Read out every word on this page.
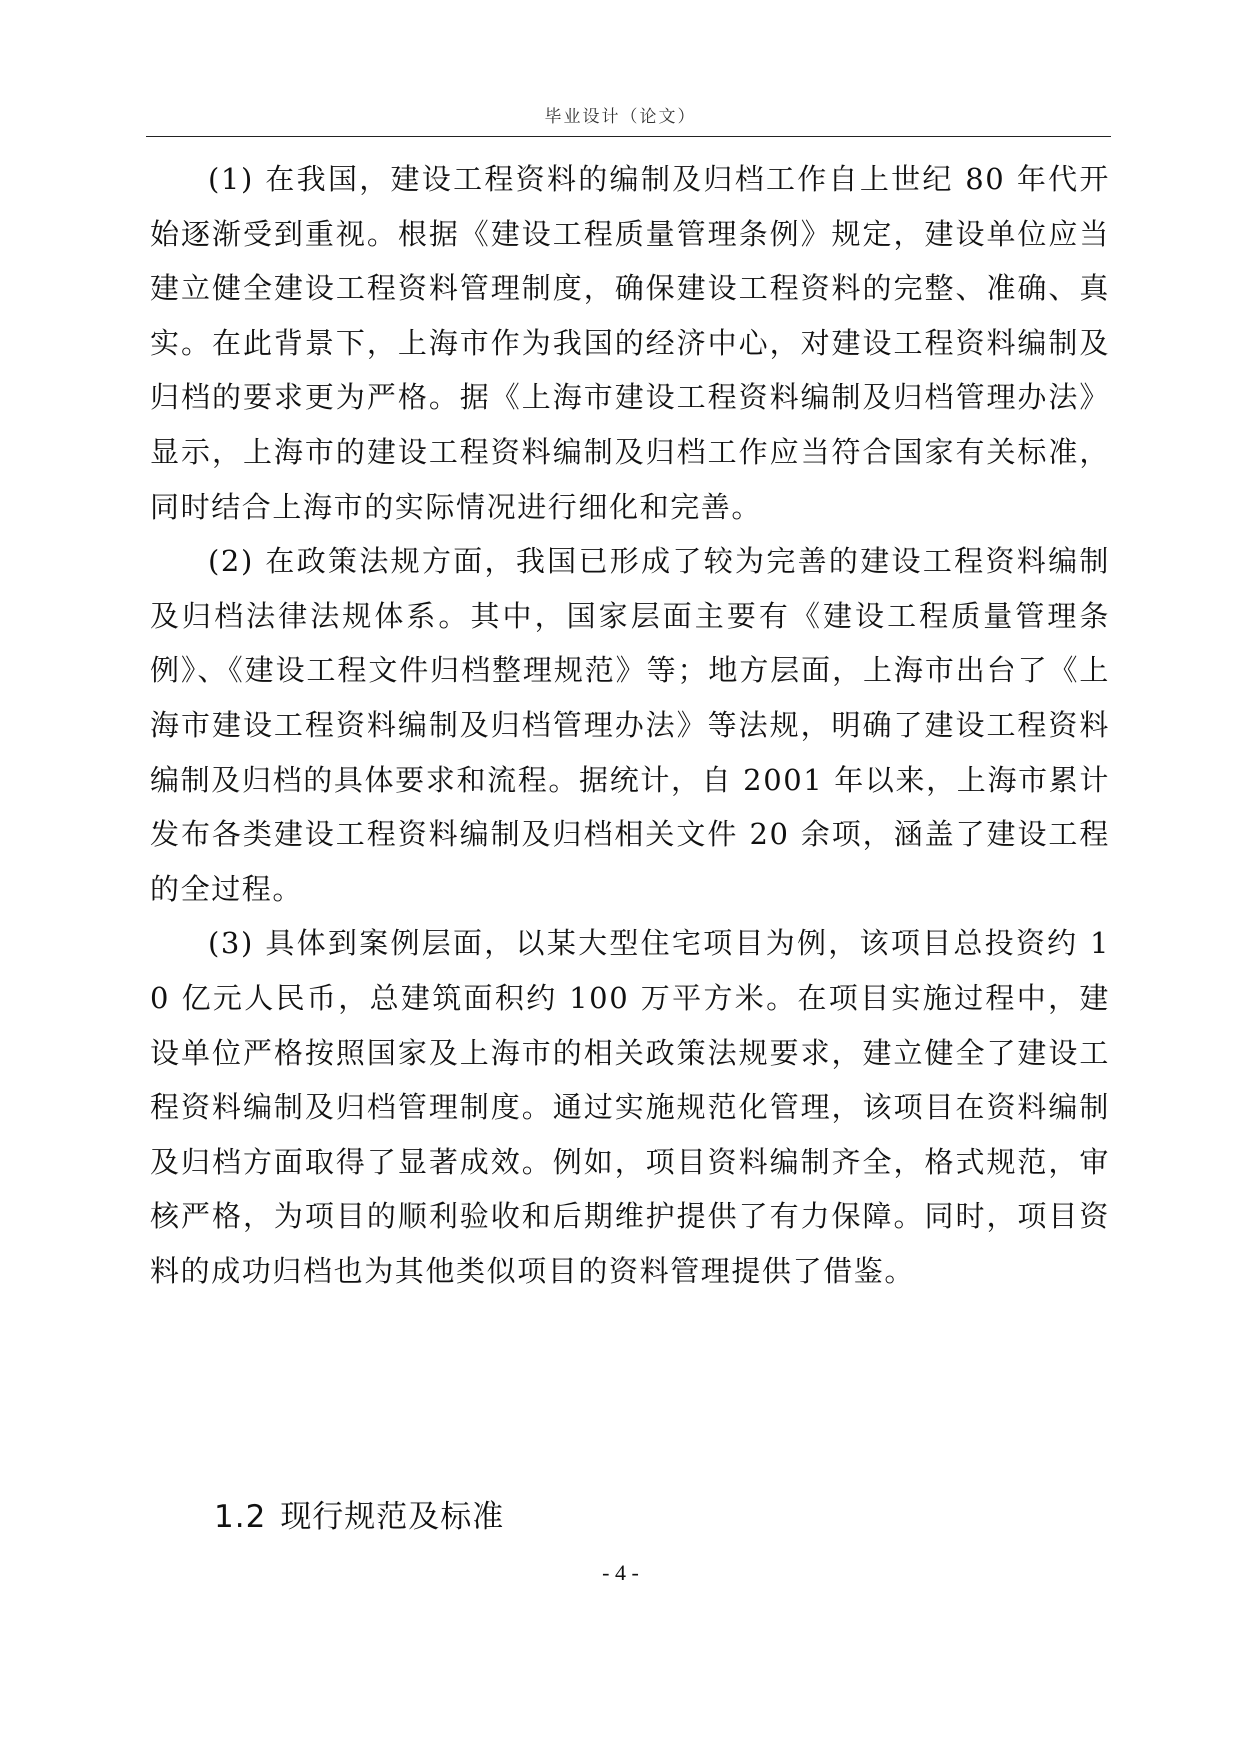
毕业设计（论文）

(1) 在我国，建设工程资料的编制及归档工作自上世纪 80 年代开始逐渐受到重视。根据《建设工程质量管理条例》规定，建设单位应当建立健全建设工程资料管理制度，确保建设工程资料的完整、准确、真实。在此背景下，上海市作为我国的经济中心，对建设工程资料编制及归档的要求更为严格。据《上海市建设工程资料编制及归档管理办法》显示，上海市的建设工程资料编制及归档工作应当符合国家有关标准，同时结合上海市的实际情况进行细化和完善。

(2) 在政策法规方面，我国已形成了较为完善的建设工程资料编制及归档法律法规体系。其中，国家层面主要有《建设工程质量管理条例》、《建设工程文件归档整理规范》等；地方层面，上海市出台了《上海市建设工程资料编制及归档管理办法》等法规，明确了建设工程资料编制及归档的具体要求和流程。据统计，自 2001 年以来，上海市累计发布各类建设工程资料编制及归档相关文件 20 余项，涵盖了建设工程的全过程。

(3) 具体到案例层面，以某大型住宅项目为例，该项目总投资约 10 亿元人民币，总建筑面积约 100 万平方米。在项目实施过程中，建设单位严格按照国家及上海市的相关政策法规要求，建立健全了建设工程资料编制及归档管理制度。通过实施规范化管理，该项目在资料编制及归档方面取得了显著成效。例如，项目资料编制齐全，格式规范，审核严格，为项目的顺利验收和后期维护提供了有力保障。同时，项目资料的成功归档也为其他类似项目的资料管理提供了借鉴。

1.2 现行规范及标准
- 4 -
